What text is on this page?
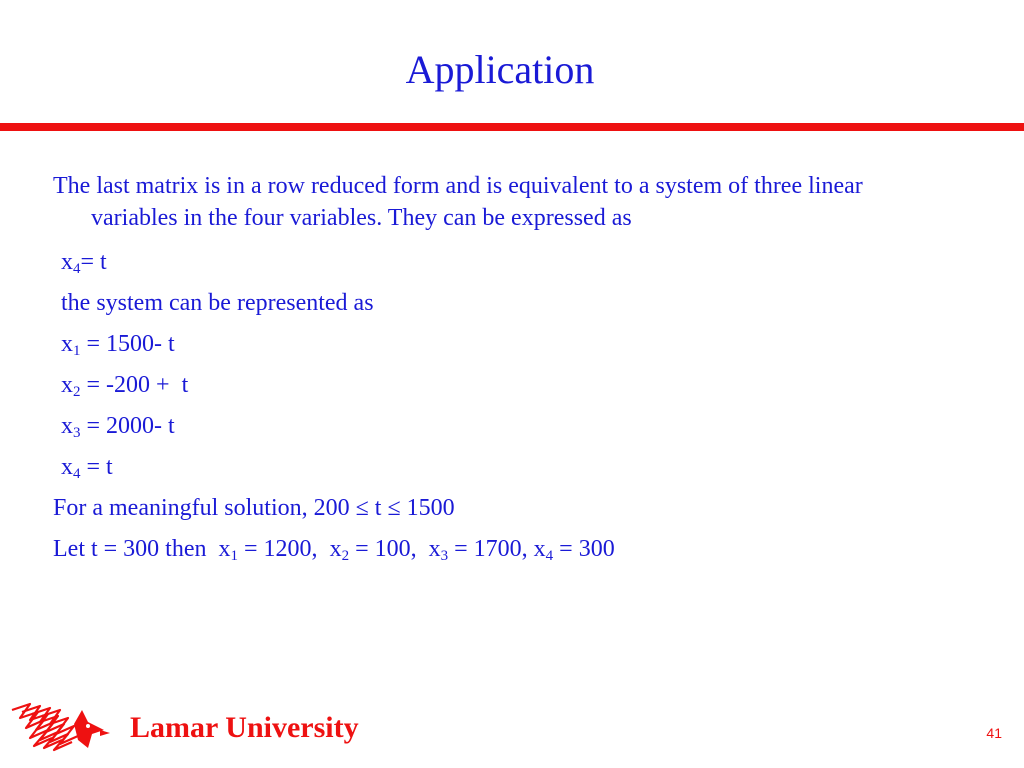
Application

The last matrix is in a row reduced form and is equivalent to a system of three linear variables in the four variables. They can be expressed as

$x_4= t$

the system can be represented as

$x_1 = 1500-$ t

$x_2 = -200 + t$

$x_3 = 2000-$ t

$x_4 = t$

For a meaningful solution, 200 ≤ t ≤ 1500

Let t = 300 then  $x_1 = 1200$,  $x_2 = 100$,  $x_3 = 1700$, $x_4 = 300$

Lamar University	41
